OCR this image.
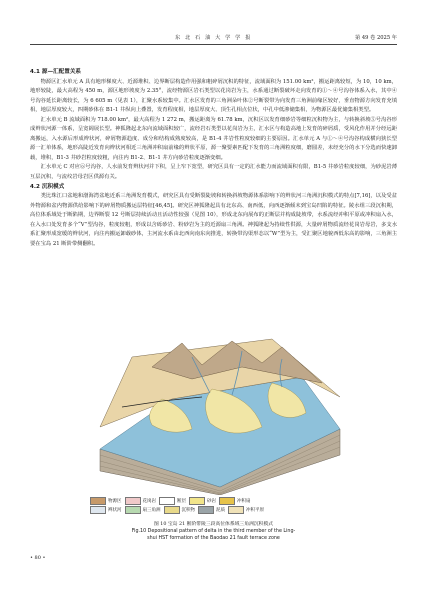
东 北 石 油 大 学 学 报	第 49 卷 2025 年
4.1 源—汇配置关系

物源区汇水单元 A 具有地形梯度大、近源堆积、边界断层构造作用强和粗碎屑沉积的特征，流域面积为 151.00 km²，搬运距离较短，为 10，10 km，地形较陡，最大高程为 450 m，源区地形坡度为 2.35°，流经物源区岩石类型以花岗岩为主，水系通过断裂破坏走向发育的①～④号沟谷体系入水，其中④号沟谷延长距离较长，为 6 605 m（见表 1），汇聚水系较集中。汇水区发育的三角洲朵叶体②号断裂带为向发育三角洲前缘区较好，垂直物源方向发育充填相，地层厚度较大，四期砂体在 B1-1 井纵向上叠置，发育程度相，地层厚度大、顶生孔相点位状，中孔中低渗储集相，为物源区最优储集相类型。

汇水单元 B 流域面积为 718.00 km²，最大高程为 1 272 m，搬运距离为 61.78 km，沉积区以发育细砂岩等细粒沉积物为主，与转换斜坡⑤号沟谷形成辫状河源一体系，呈宽阔展长型。神狐隆起北东向流域面积较广，流经岩石类型以花岗岩为主，汇水区与构造高地上发育的碎屑质，受风化作用并分经远距离搬运，入水源后形成辫状河，碎屑物源趋度、成分和结构成熟度较高，是 B1-4 井岩性粒度较细的主要原因。汇水单元 A 与①～④号沟谷构成横向狭长型源一汇单体系，地形高陡近发育向辫状河相近三角洲冲积扇前缘的辫状平原，源一聚要素匹配下发育的三角洲粒度细，磨圆差，未经充分的水下分选而快速卸载，堆积，B1-3 井砂岩粒度较粗，向注内 B1-2、B1-1 井方向砂岩粒度逐渐变细。

汇水单元 C 对应⑥号沟谷，人水前发育辫状河并下积，呈上窄下宽型，研究区具有一定的汇水能力而流域面积有限，B1-5 井砂岩粒度较细，为砂泥岩薄互层沉积，与流纹岩母岩区供源有关。

4.2 沉积模式

类比珠江口盆地和渤海湾盆地近系三角洲发育模式，研究区具有受断裂陡坡和转换斜坡物源体系影响下的辫状河三角洲沉积模式的特点[7,16]，以及受盆外物源和盆内物源供给影响下的碎屑物质搬运层特征[46,45]。研究区神狐隆起具有北东高、南西低，向西逐渐倾末到宝岛凹陷的特征。陵水组三段沉积期，高位体系域处于断陷期，边界断裂 12 号断层持续活动且活动性较强（见图 10），形成北东向展布的正断层并构成陡坡带，水系流经冲积平原或冲积扇入水，在入水口处发育多个“V”型沟谷，粒度较粗，形成以含砾砂岩、粉砂岩为主的近源扇三角洲。神狐隆起为持续性供源，大量碎屑物质流经花岗岩母岩，多支水系汇聚形成宽缓的辫状河，向注内搬运卸载砂体，主河流水系由北西向南东向推进，转换带沟渠形态以“W”型为主，受汇聚区地貌西低东高的影响，三角洲主要在宝岛 21 断阶带侧翻积。

物源区	花岗岩	断层	砂岩	冲积扇
辫状河	扇三角洲	沉积物	泥质	冲积平原
图 10 宝岛 21 断阶带陵三段高位体系域三角洲沉积模式
Fig.10 Depositional pattern of delta in the third member of the Ling-
shui HST formation of the Baodao 21 fault terrace zone
• 80 •
